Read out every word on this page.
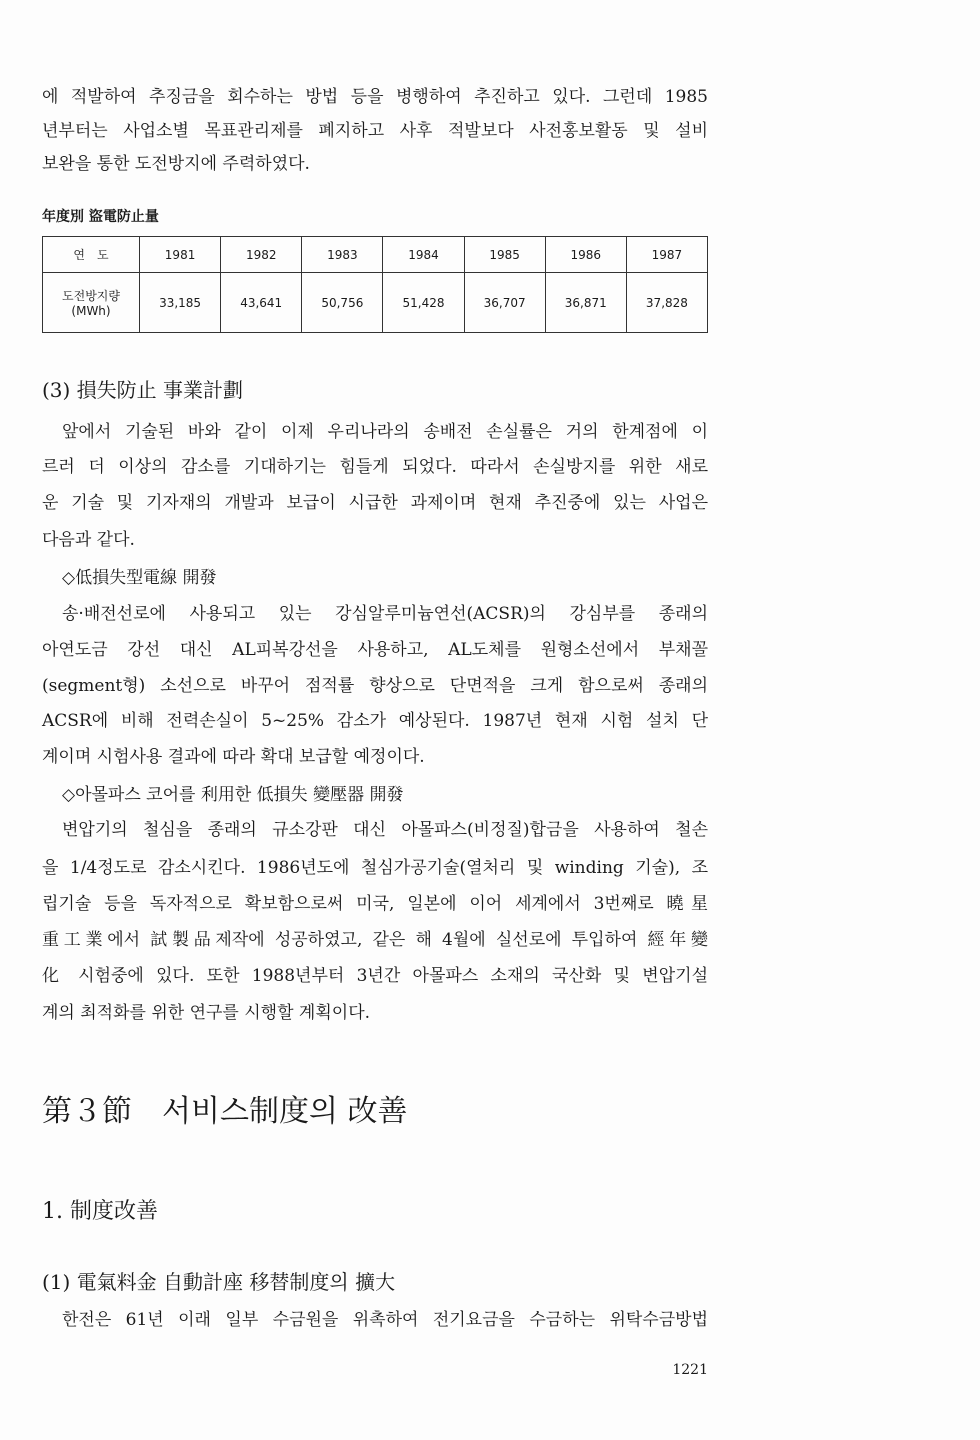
에 적발하여 추징금을 회수하는 방법 등을 병행하여 추진하고 있다. 그런데 1985
년부터는 사업소별 목표관리제를 폐지하고 사후 적발보다 사전홍보활동 및 설비
보완을 통한 도전방지에 주력하였다.
年度別 盜電防止量
연　도	1981	1982	1983	1984	1985	1986	1987
도전방지량
(MWh)	33,185	43,641	50,756	51,428	36,707	36,871	37,828
(3) 損失防止 事業計劃
앞에서 기술된 바와 같이 이제 우리나라의 송배전 손실률은 거의 한계점에 이
르러 더 이상의 감소를 기대하기는 힘들게 되었다. 따라서 손실방지를 위한 새로
운 기술 및 기자재의 개발과 보급이 시급한 과제이며 현재 추진중에 있는 사업은
다음과 같다.
◇低損失型電線 開發
송·배전선로에 사용되고 있는 강심알루미늄연선(ACSR)의 강심부를 종래의
아연도금 강선 대신 AL피복강선을 사용하고, AL도체를 원형소선에서 부채꼴
(segment형) 소선으로 바꾸어 점적률 향상으로 단면적을 크게 함으로써 종래의
ACSR에 비해 전력손실이 5~25% 감소가 예상된다. 1987년 현재 시험 설치 단
계이며 시험사용 결과에 따라 확대 보급할 예정이다.
◇아몰파스 코어를 利用한 低損失 變壓器 開發
변압기의 철심을 종래의 규소강판 대신 아몰파스(비정질)합금을 사용하여 철손
을 1/4정도로 감소시킨다. 1986년도에 철심가공기술(열처리 및 winding 기술), 조
립기술 등을 독자적으로 확보함으로써 미국, 일본에 이어 세계에서 3번째로 曉星
重工業에서 試製品제작에 성공하였고, 같은 해 4월에 실선로에 투입하여 經年變
化 시험중에 있다. 또한 1988년부터 3년간 아몰파스 소재의 국산화 및 변압기설
계의 최적화를 위한 연구를 시행할 계획이다.
第３節　서비스制度의 改善
1. 制度改善
(1) 電氣料金 自動計座 移替制度의 擴大
한전은 61년 이래 일부 수금원을 위촉하여 전기요금을 수금하는 위탁수금방법
1221
